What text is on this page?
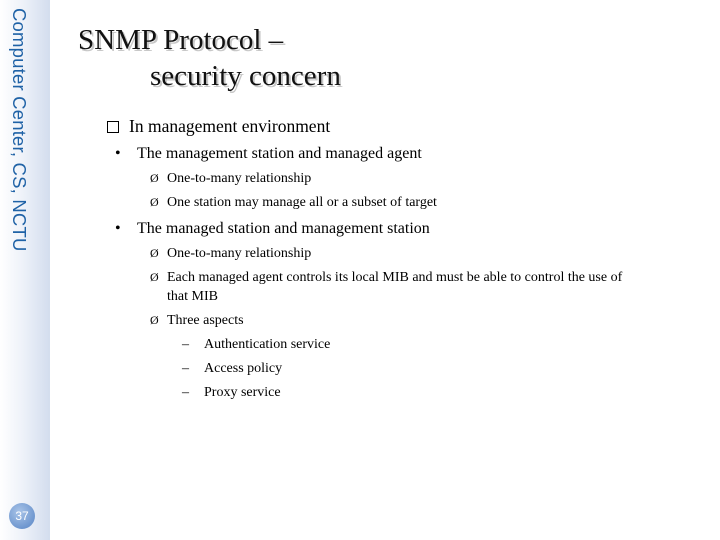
Computer Center, CS, NCTU
37
SNMP Protocol –
security concern
In management environment
• The management station and managed agent
Ø One-to-many relationship
Ø One station may manage all or a subset of target
• The managed station and management station
Ø One-to-many relationship
Ø Each managed agent controls its local MIB and must be able to control the use of
that MIB
Ø Three aspects
– Authentication service
– Access policy
– Proxy service
